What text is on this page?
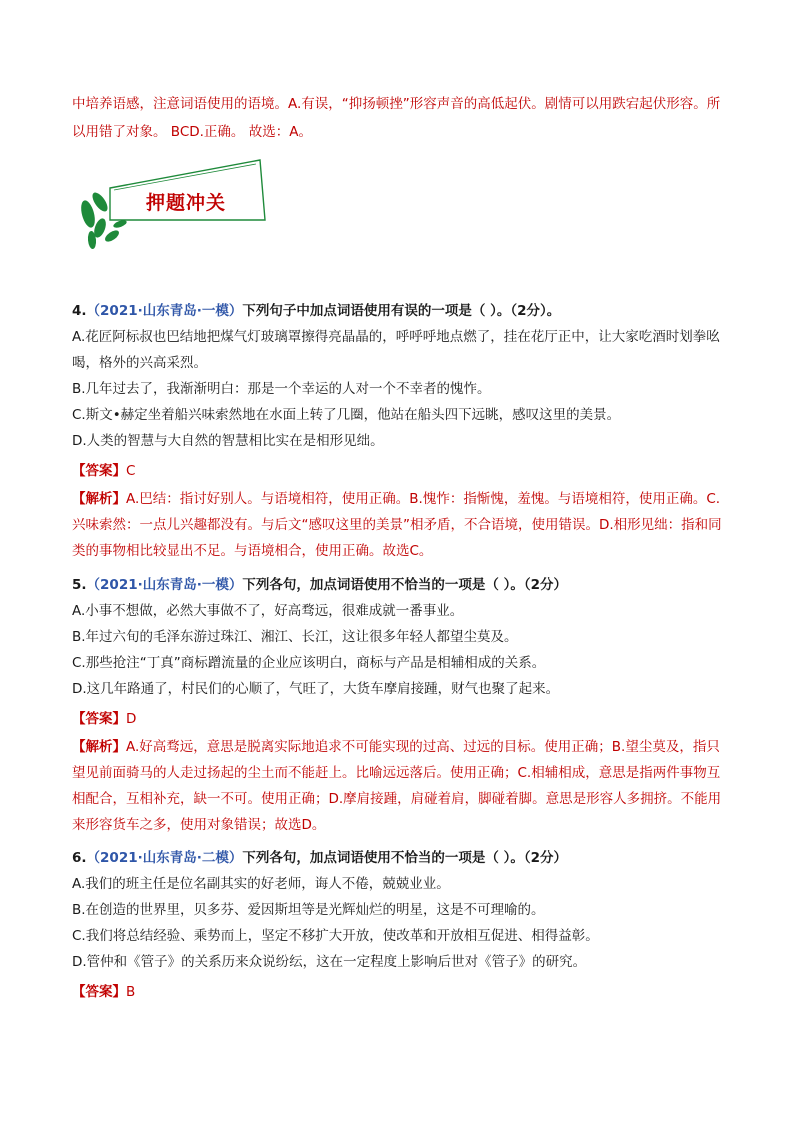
中培养语感，注意词语使用的语境。A.有误，“抑扬顿挫”形容声音的高低起伏。剧情可以用跌宕起伏形容。所以用错了对象。 BCD.正确。 故选：A。

押题冲关

4.（2021·山东青岛·一模）下列句子中加点词语使用有误的一项是（ ）。（2分）。

A.花匠阿标叔也巴结地把煤气灯玻璃罩擦得亮晶晶的，呼呼呼地点燃了，挂在花厅正中，让大家吃酒时划拳吆喝，格外的兴高采烈。

B.几年过去了，我渐渐明白：那是一个幸运的人对一个不幸者的愧怍。

C.斯文•赫定坐着船兴味索然地在水面上转了几圈，他站在船头四下远眺，感叹这里的美景。

D.人类的智慧与大自然的智慧相比实在是相形见绌。

【答案】C

【解析】A.巴结：指讨好别人。与语境相符，使用正确。B.愧怍：指惭愧，羞愧。与语境相符，使用正确。C.兴味索然：一点儿兴趣都没有。与后文“感叹这里的美景”相矛盾，不合语境，使用错误。D.相形见绌：指和同类的事物相比较显出不足。与语境相合，使用正确。故选C。

5.（2021·山东青岛·一模）下列各句，加点词语使用不恰当的一项是（ ）。（2分）

A.小事不想做，必然大事做不了，好高骛远，很难成就一番事业。

B.年过六旬的毛泽东游过珠江、湘江、长江，这让很多年轻人都望尘莫及。

C.那些抢注“丁真”商标蹭流量的企业应该明白，商标与产品是相辅相成的关系。

D.这几年路通了，村民们的心顺了，气旺了，大货车摩肩接踵，财气也聚了起来。

【答案】D

【解析】A.好高骛远，意思是脱离实际地追求不可能实现的过高、过远的目标。使用正确；B.望尘莫及，指只望见前面骑马的人走过扬起的尘土而不能赶上。比喻远远落后。使用正确；C.相辅相成，意思是指两件事物互相配合，互相补充，缺一不可。使用正确；D.摩肩接踵，肩碰着肩，脚碰着脚。意思是形容人多拥挤。不能用来形容货车之多，使用对象错误；故选D。

6.（2021·山东青岛·二模）下列各句，加点词语使用不恰当的一项是（ ）。（2分）

A.我们的班主任是位名副其实的好老师，诲人不倦，兢兢业业。

B.在创造的世界里，贝多芬、爱因斯坦等是光辉灿烂的明星，这是不可理喻的。

C.我们将总结经验、乘势而上，坚定不移扩大开放，使改革和开放相互促进、相得益彰。

D.管仲和《管子》的关系历来众说纷纭，这在一定程度上影响后世对《管子》的研究。

【答案】B
